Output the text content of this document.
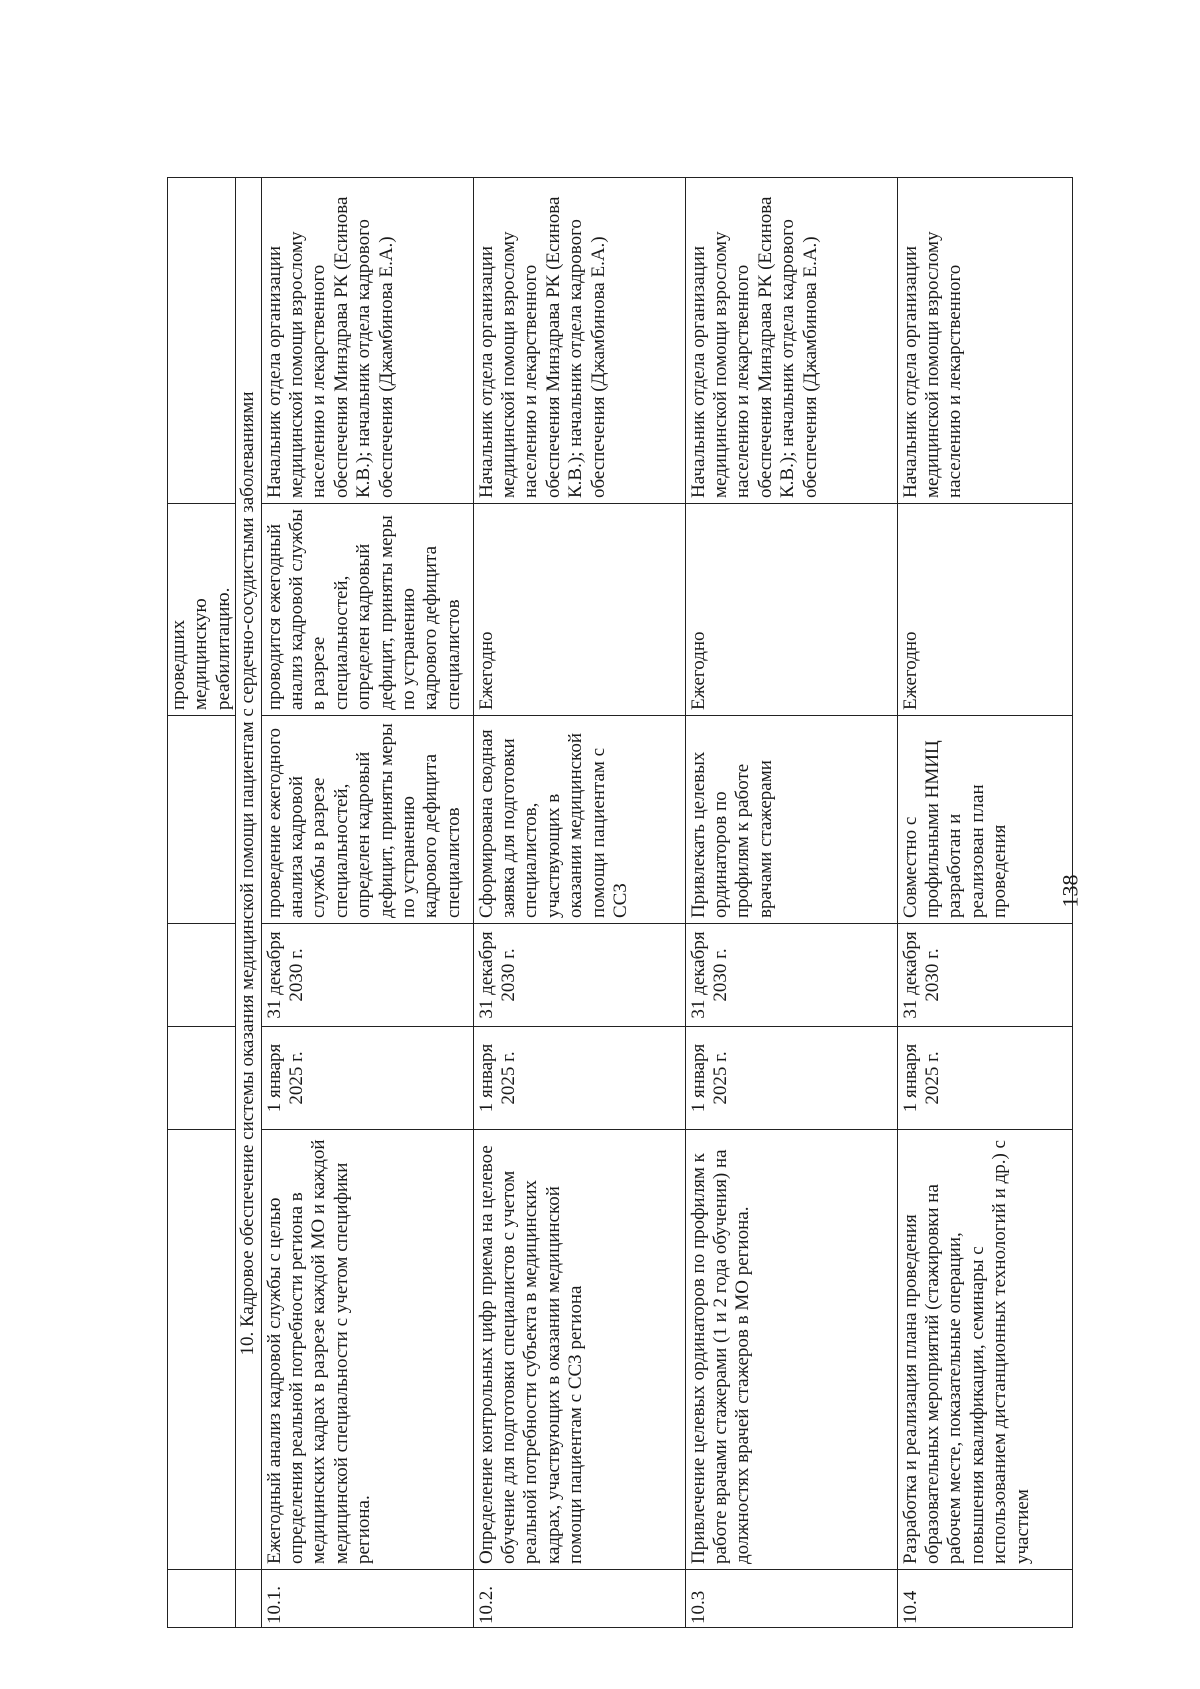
					проведших медицинскую реабилитацию.	
	10. Кадровое обеспечение системы оказания медицинской помощи пациентам с сердечно-сосудистыми заболеваниями					
10.1.	Ежегодный анализ кадровой службы с целью определения реальной потребности региона в медицинских кадрах в разрезе каждой МО и каждой медицинской специальности с учетом специфики региона.	1 января 2025 г.	31 декабря 2030 г.	проведение ежегодного анализа кадровой службы в разрезе специальностей, определен кадровый дефицит, приняты меры по устранению кадрового дефицита специалистов	проводится ежегодный анализ кадровой службы в разрезе специальностей, определен кадровый дефицит, приняты меры по устранению кадрового дефицита специалистов	Начальник отдела организации медицинской помощи взрослому населению и лекарственного обеспечения Минздрава РК (Есинова К.В.); начальник отдела кадрового обеспечения (Джамбинова Е.А.)
10.2.	Определение контрольных цифр приема на целевое обучение для подготовки специалистов с учетом реальной потребности субъекта в медицинских кадрах, участвующих в оказании медицинской помощи пациентам с ССЗ региона	1 января 2025 г.	31 декабря 2030 г.	Сформирована сводная заявка для подготовки специалистов, участвующих в оказании медицинской помощи пациентам с ССЗ	Ежегодно	Начальник отдела организации медицинской помощи взрослому населению и лекарственного обеспечения Минздрава РК (Есинова К.В.); начальник отдела кадрового обеспечения (Джамбинова Е.А.)
10.3	Привлечение целевых ординаторов по профилям к работе врачами стажерами (1 и 2 года обучения) на должностях врачей стажеров в МО региона.	1 января 2025 г.	31 декабря 2030 г.	Привлекать целевых ординаторов по профилям к работе врачами стажерами	Ежегодно	Начальник отдела организации медицинской помощи взрослому населению и лекарственного обеспечения Минздрава РК (Есинова К.В.); начальник отдела кадрового обеспечения (Джамбинова Е.А.)
10.4	Разработка и реализация плана проведения образовательных мероприятий (стажировки на рабочем месте, показательные операции, повышения квалификации, семинары с использованием дистанционных технологий и др.) с участием	1 января 2025 г.	31 декабря 2030 г.	Совместно с профильными НМИЦ разработан и реализован план проведения	Ежегодно	Начальник отдела организации медицинской помощи взрослому населению и лекарственного
138
